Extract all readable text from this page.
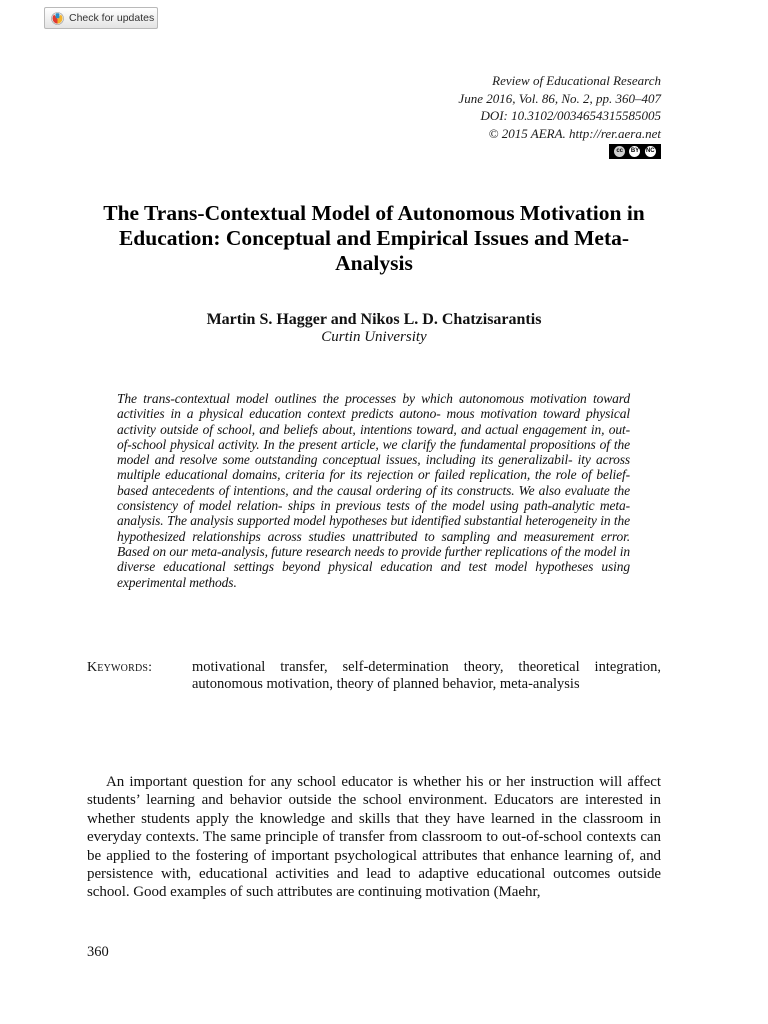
Check for updates
Review of Educational Research
June 2016, Vol. 86, No. 2, pp. 360–407
DOI: 10.3102/0034654315585005
© 2015 AERA. http://rer.aera.net
cc	BY NC
The Trans-Contextual Model of Autonomous Motivation in Education: Conceptual and Empirical Issues and Meta-Analysis
Martin S. Hagger and Nikos L. D. Chatzisarantis
Curtin University

The trans-contextual model outlines the processes by which autonomous motivation toward activities in a physical education context predicts autono- mous motivation toward physical activity outside of school, and beliefs about, intentions toward, and actual engagement in, out-of-school physical activity. In the present article, we clarify the fundamental propositions of the model and resolve some outstanding conceptual issues, including its generalizabil- ity across multiple educational domains, criteria for its rejection or failed replication, the role of belief-based antecedents of intentions, and the causal ordering of its constructs. We also evaluate the consistency of model relation- ships in previous tests of the model using path-analytic meta-analysis. The analysis supported model hypotheses but identified substantial heterogeneity in the hypothesized relationships across studies unattributed to sampling and measurement error. Based on our meta-analysis, future research needs to provide further replications of the model in diverse educational settings beyond physical education and test model hypotheses using experimental methods.

Keywords:	motivational transfer, self-determination theory, theoretical integration, autonomous motivation, theory of planned behavior, meta-analysis

An important question for any school educator is whether his or her instruction will affect students’ learning and behavior outside the school environment. Educators are interested in whether students apply the knowledge and skills that they have learned in the classroom in everyday contexts. The same principle of transfer from classroom to out-of-school contexts can be applied to the fostering of important psychological attributes that enhance learning of, and persistence with, educational activities and lead to adaptive educational outcomes outside school. Good examples of such attributes are continuing motivation (Maehr,

360
